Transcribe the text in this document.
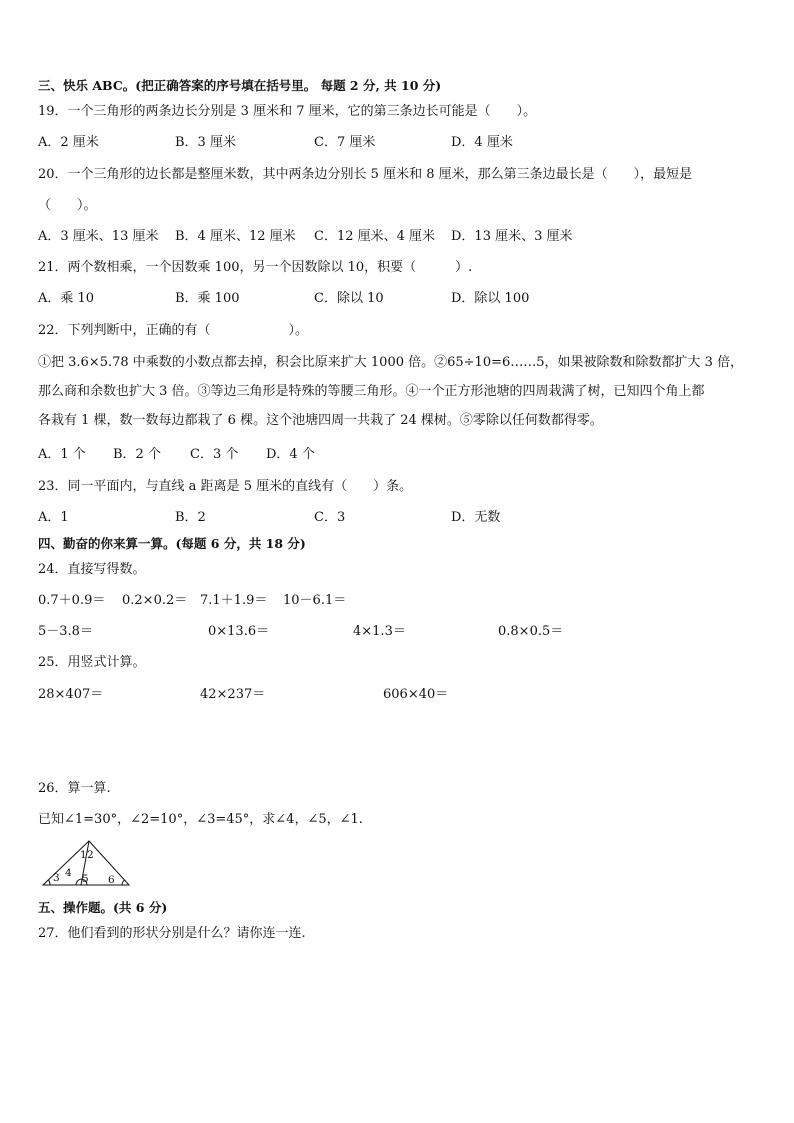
三、快乐 ABC。(把正确答案的序号填在括号里。 每题 2 分, 共 10 分)
19．一个三角形的两条边长分别是 3 厘米和 7 厘米，它的第三条边长可能是（　　）。
A．2 厘米	B．3 厘米	C．7 厘米	D．4 厘米
20．一个三角形的边长都是整厘米数，其中两条边分别长 5 厘米和 8 厘米，那么第三条边最长是（　　），最短是
（　　）。
A．3 厘米、13 厘米 B．4 厘米、12 厘米 C．12 厘米、4 厘米 D．13 厘米、3 厘米
21．两个数相乘，一个因数乘 100，另一个因数除以 10，积要（　　　）.
A．乘 10	B．乘 100	C．除以 10	D．除以 100
22．下列判断中，正确的有（　　　　　　）。

①把 3.6×5.78 中乘数的小数点都去掉，积会比原来扩大 1000 倍。②65÷10=6……5，如果被除数和除数都扩大 3 倍，

那么商和余数也扩大 3 倍。③等边三角形是特殊的等腰三角形。④一个正方形池塘的四周栽满了树，已知四个角上都

各栽有 1 棵，数一数每边都栽了 6 棵。这个池塘四周一共栽了 24 棵树。⑤零除以任何数都得零。

A．1 个 B．2 个 C．3 个 D．4 个
23．同一平面内，与直线 a 距离是 5 厘米的直线有（　　）条。
A．1	B．2	C．3	D．无数
四、勤奋的你来算一算。(每题 6 分，共 18 分)
24．直接写得数。
0.7＋0.9＝ 0.2×0.2＝ 7.1＋1.9＝ 10－6.1＝
5－3.8＝	0×13.6＝	4×1.3＝	0.8×0.5＝
25．用竖式计算。
28×407＝	42×237＝	606×40＝
26．算一算.
已知∠1=30°，∠2=10°，∠3=45°，求∠4，∠5，∠1.
1 2
3 4 5 6
五、操作题。(共 6 分)
27．他们看到的形状分别是什么？请你连一连.
